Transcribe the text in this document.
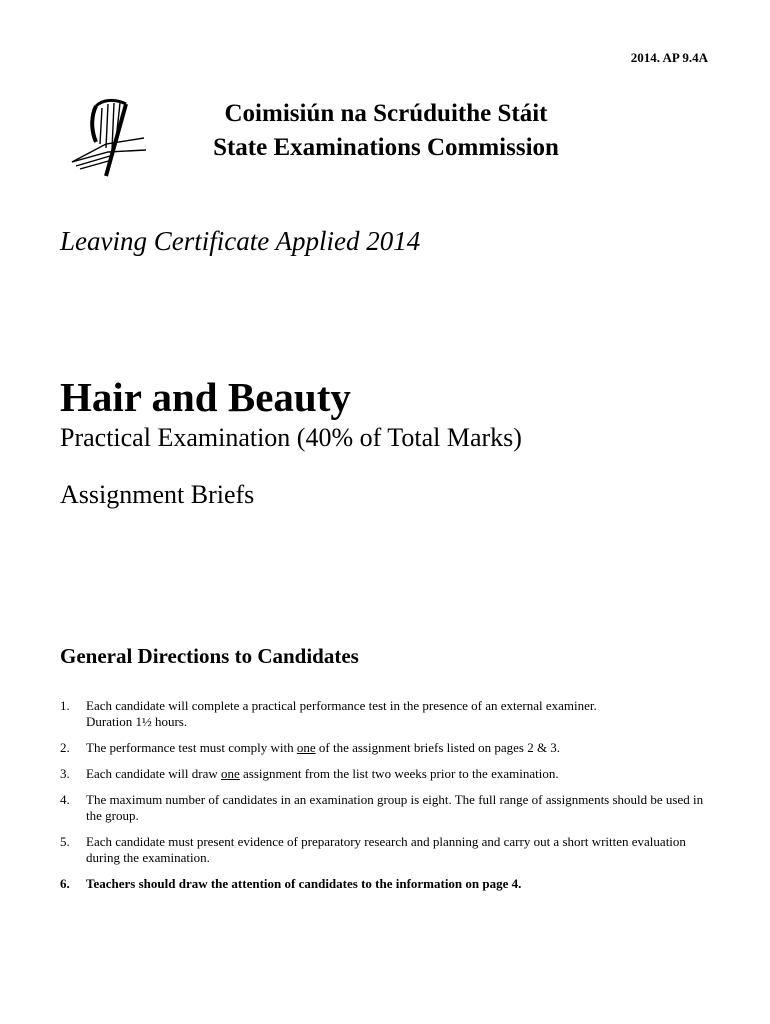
2014. AP 9.4A
Coimisiún na Scrúduithe Stáit
State Examinations Commission
Leaving Certificate Applied 2014
Hair and Beauty
Practical Examination (40% of Total Marks)
Assignment Briefs
General Directions to Candidates
1.	Each candidate will complete a practical performance test in the presence of an external examiner.
Duration 1½ hours.
2.	The performance test must comply with one of the assignment briefs listed on pages 2 & 3.
3.	Each candidate will draw one assignment from the list two weeks prior to the examination.
4.	The maximum number of candidates in an examination group is eight. The full range of assignments should be used in the group.
5.	Each candidate must present evidence of preparatory research and planning and carry out a short written evaluation during the examination.
6.	Teachers should draw the attention of candidates to the information on page 4.
